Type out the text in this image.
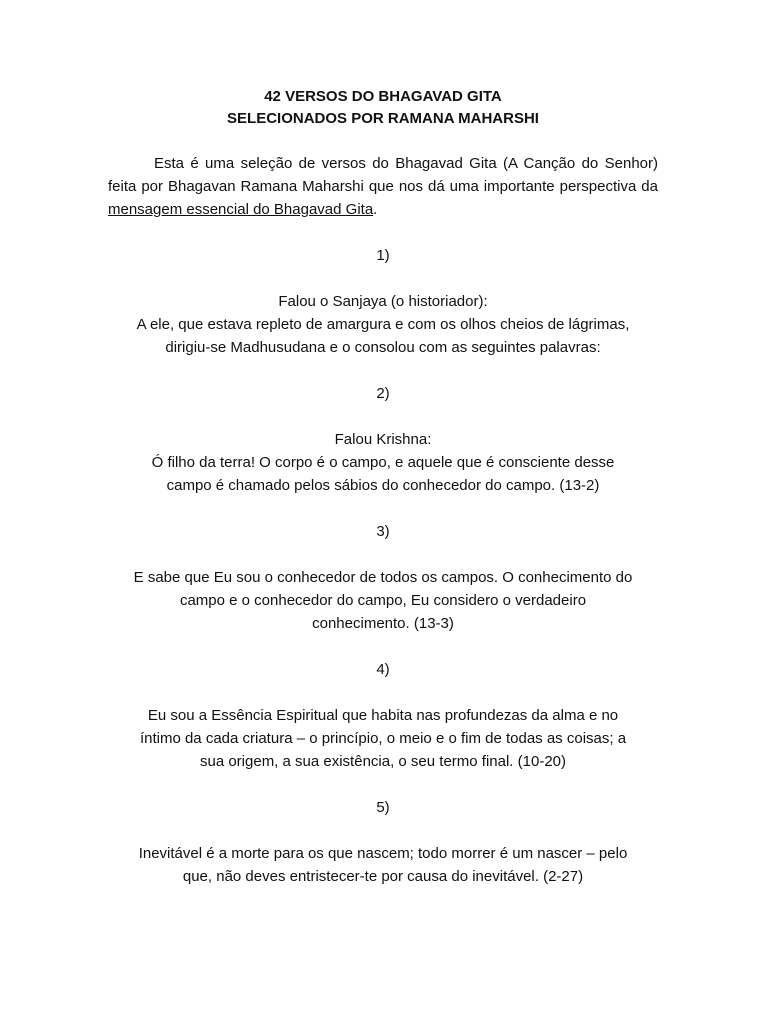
42 VERSOS DO BHAGAVAD GITA
SELECIONADOS POR RAMANA MAHARSHI
Esta é uma seleção de versos do Bhagavad Gita (A Canção do Senhor) feita por Bhagavan Ramana Maharshi que nos dá uma importante perspectiva da mensagem essencial do Bhagavad Gita.
1)
Falou o Sanjaya (o historiador):
A ele, que estava repleto de amargura e com os olhos cheios de lágrimas,
dirigiu-se Madhusudana e o consolou com as seguintes palavras:
2)
Falou Krishna:
Ó filho da terra! O corpo é o campo, e aquele que é consciente desse
campo é chamado pelos sábios do conhecedor do campo. (13-2)
3)
E sabe que Eu sou o conhecedor de todos os campos. O conhecimento do
campo e o conhecedor do campo, Eu considero o verdadeiro
conhecimento. (13-3)
4)
Eu sou a Essência Espiritual que habita nas profundezas da alma e no
íntimo da cada criatura – o princípio, o meio e o fim de todas as coisas; a
sua origem, a sua existência, o seu termo final. (10-20)
5)
Inevitável é a morte para os que nascem; todo morrer é um nascer – pelo
que, não deves entristecer-te por causa do inevitável. (2-27)
